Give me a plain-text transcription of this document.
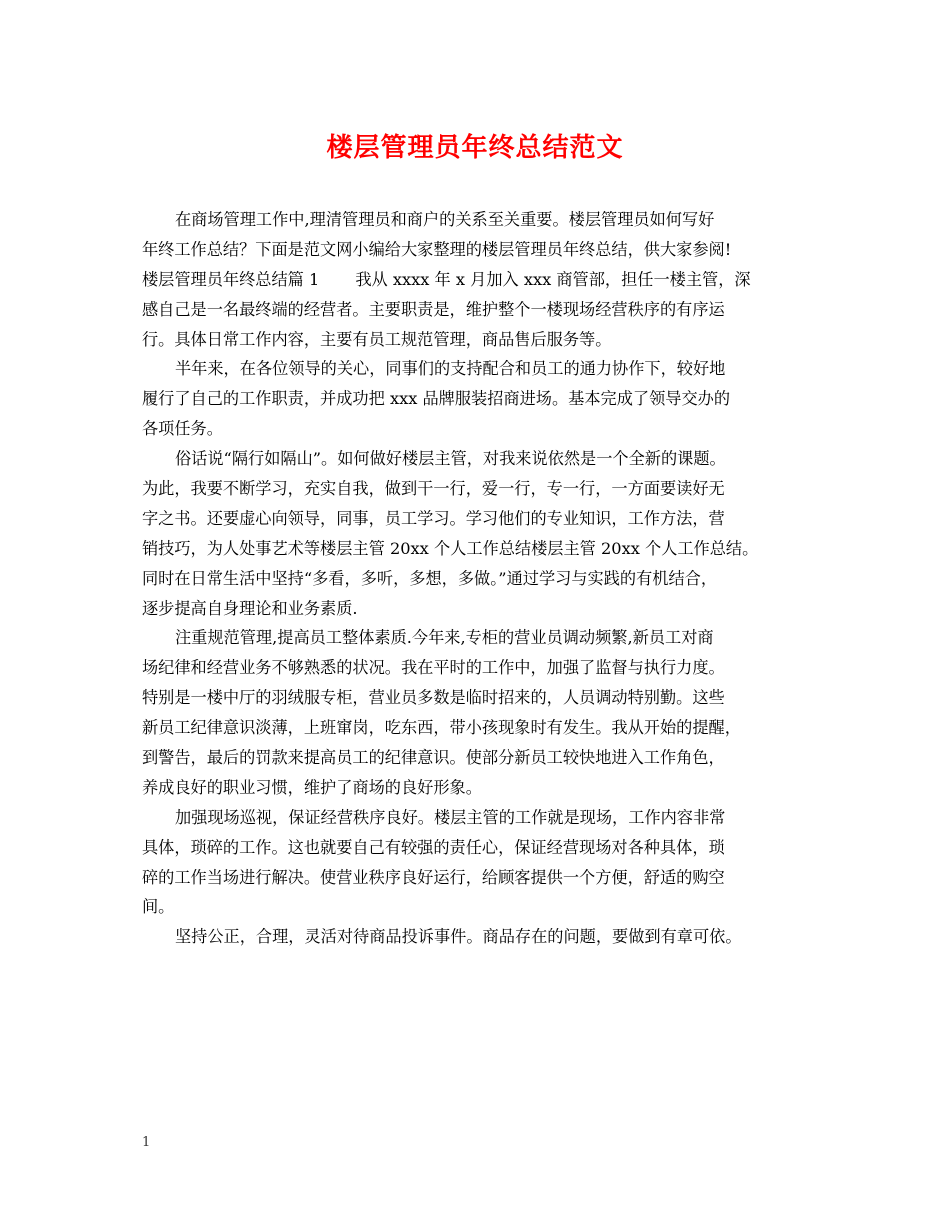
楼层管理员年终总结范文
在商场管理工作中,理清管理员和商户的关系至关重要。楼层管理员如何写好
年终工作总结？下面是范文网小编给大家整理的楼层管理员年终总结，供大家参阅!
楼层管理员年终总结篇 1       我从 xxxx 年 x 月加入 xxx 商管部，担任一楼主管，深
感自己是一名最终端的经营者。主要职责是，维护整个一楼现场经营秩序的有序运
行。具体日常工作内容，主要有员工规范管理，商品售后服务等。
半年来，在各位领导的关心，同事们的支持配合和员工的通力协作下，较好地
履行了自己的工作职责，并成功把 xxx 品牌服装招商进场。基本完成了领导交办的
各项任务。
俗话说“隔行如隔山”。如何做好楼层主管，对我来说依然是一个全新的课题。
为此，我要不断学习，充实自我，做到干一行，爱一行，专一行，一方面要读好无
字之书。还要虚心向领导，同事，员工学习。学习他们的专业知识，工作方法，营
销技巧，为人处事艺术等楼层主管 20xx 个人工作总结楼层主管 20xx 个人工作总结。
同时在日常生活中坚持“多看，多听，多想，多做。”通过学习与实践的有机结合，
逐步提高自身理论和业务素质.
注重规范管理,提高员工整体素质.今年来,专柜的营业员调动频繁,新员工对商
场纪律和经营业务不够熟悉的状况。我在平时的工作中，加强了监督与执行力度。
特别是一楼中厅的羽绒服专柜，营业员多数是临时招来的，人员调动特别勤。这些
新员工纪律意识淡薄，上班窜岗，吃东西，带小孩现象时有发生。我从开始的提醒，
到警告，最后的罚款来提高员工的纪律意识。使部分新员工较快地进入工作角色，
养成良好的职业习惯，维护了商场的良好形象。
加强现场巡视，保证经营秩序良好。楼层主管的工作就是现场，工作内容非常
具体，琐碎的工作。这也就要自己有较强的责任心，保证经营现场对各种具体，琐
碎的工作当场进行解决。使营业秩序良好运行，给顾客提供一个方便，舒适的购空
间。
坚持公正，合理，灵活对待商品投诉事件。商品存在的问题，要做到有章可依。
1
